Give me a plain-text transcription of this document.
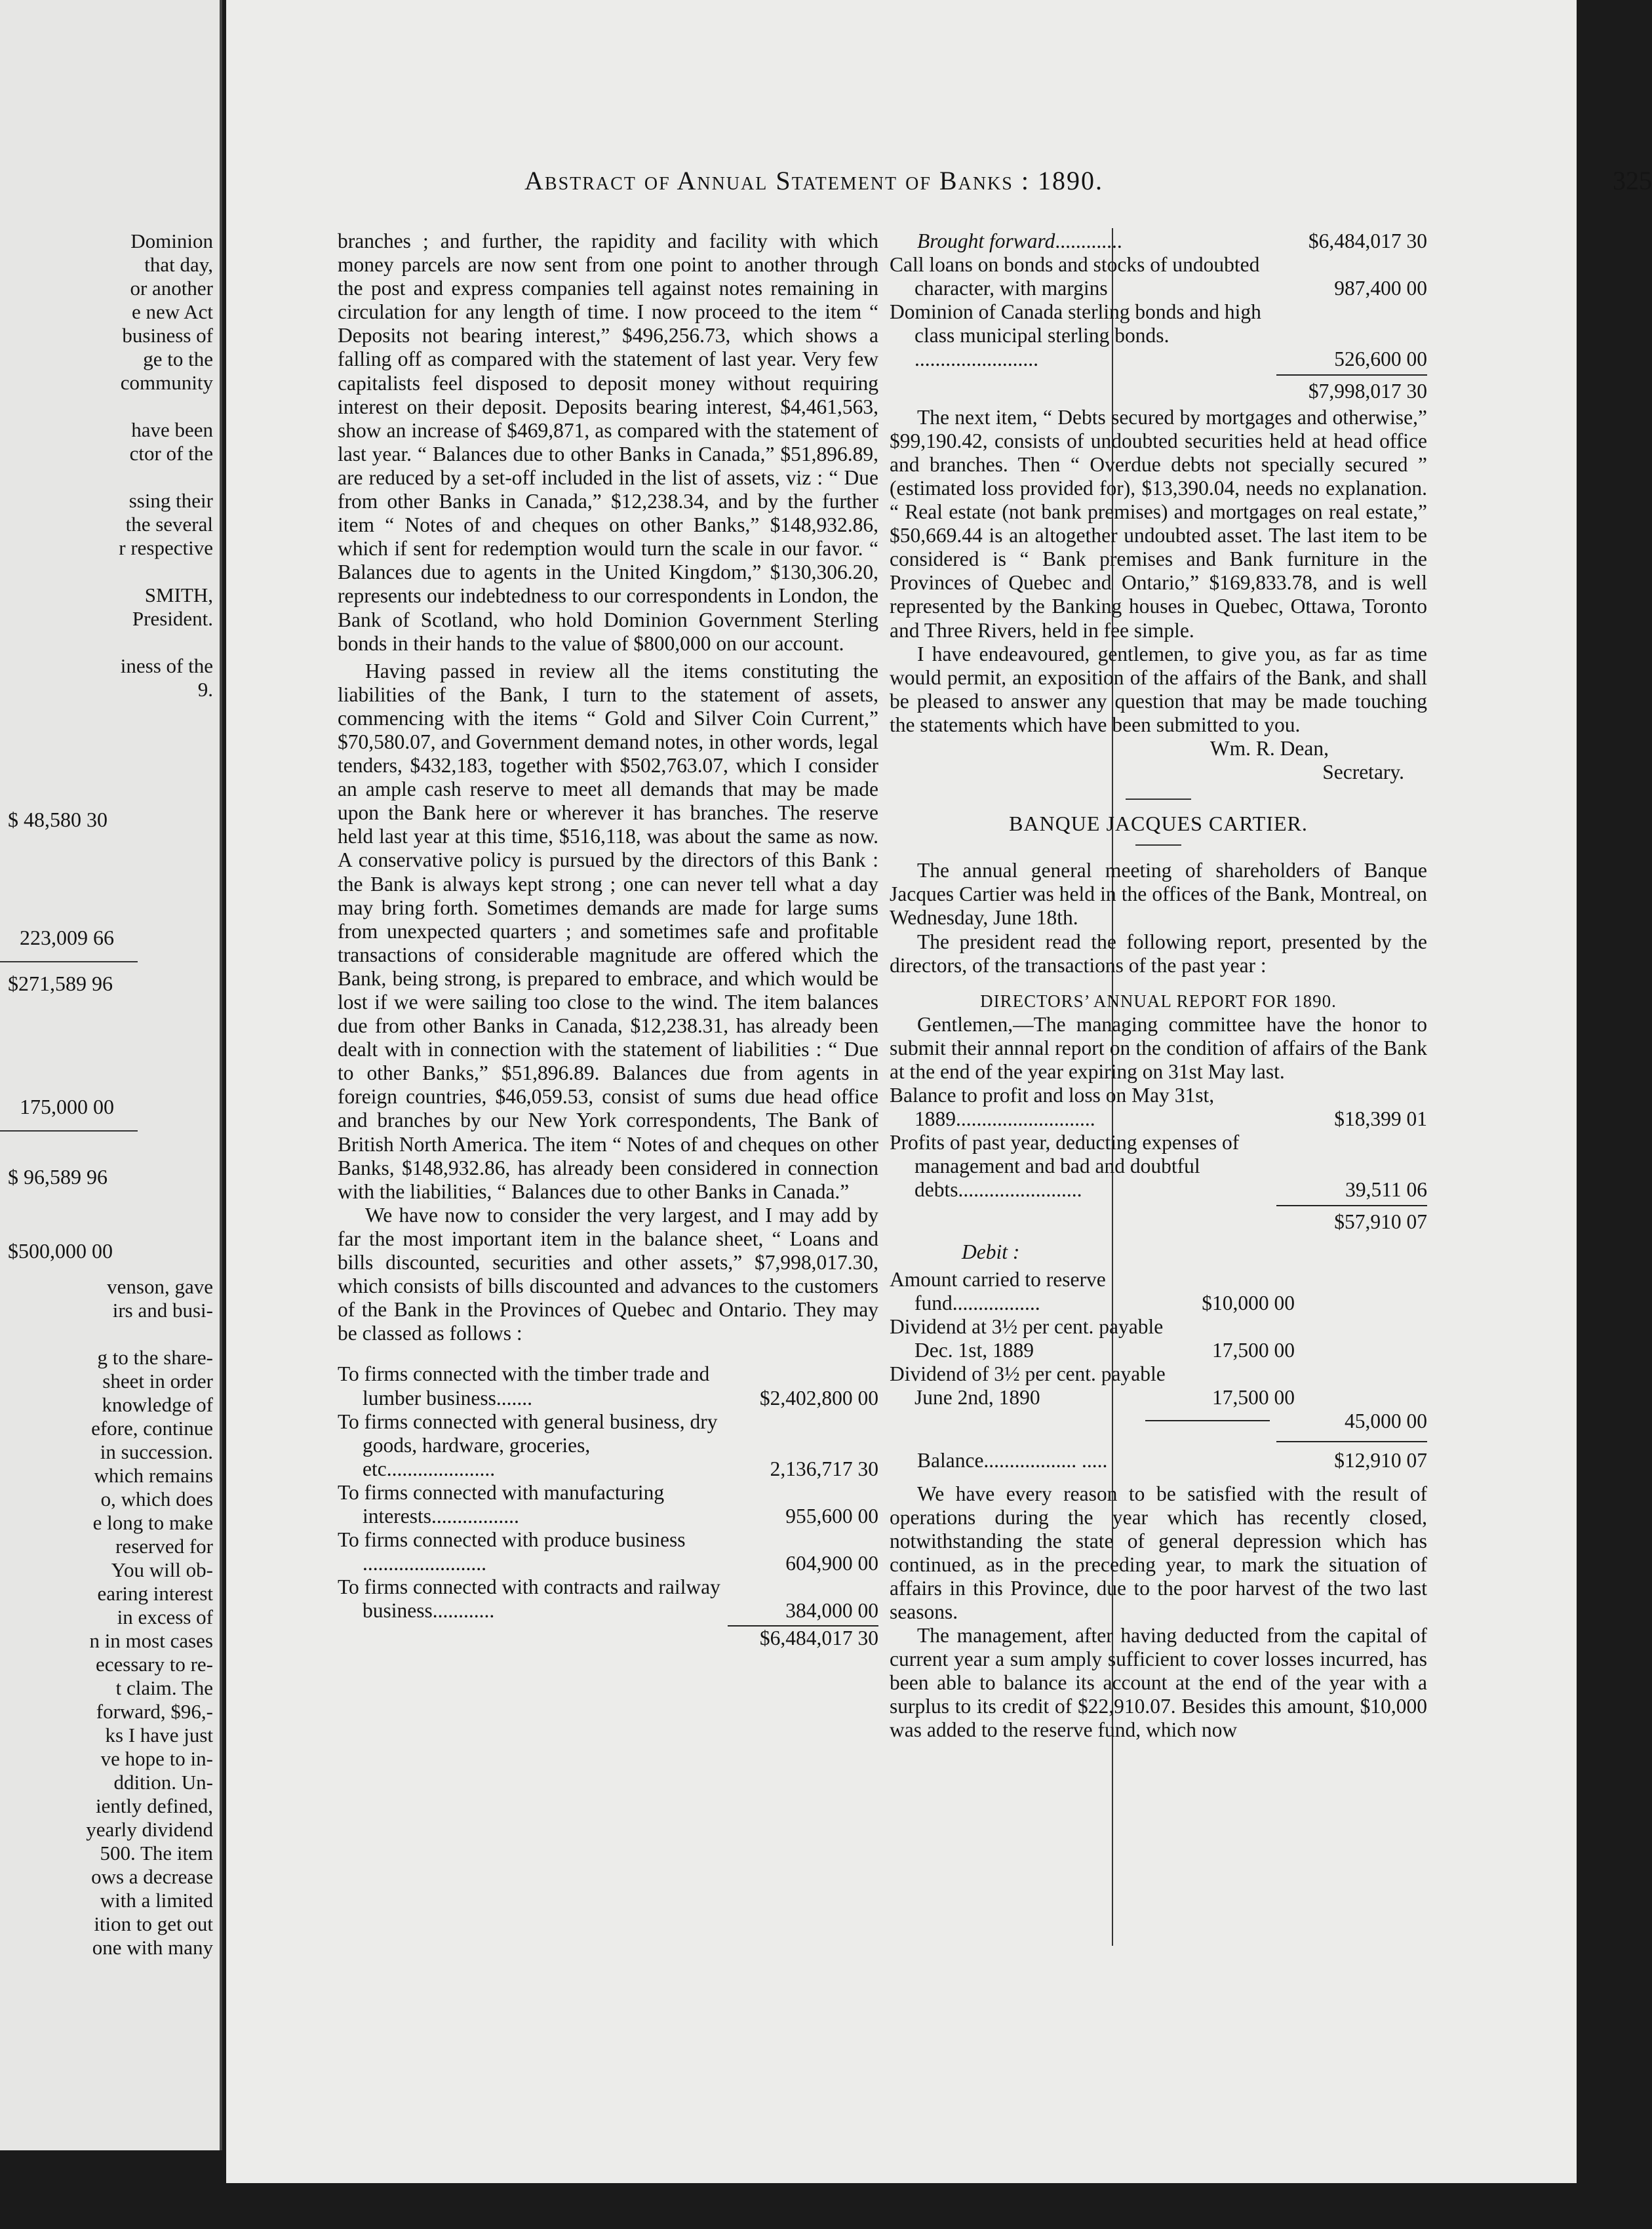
Dominion
that day,
or another
e new Act
business of
ge to the
community
have been
ctor of the
ssing their
the several
r respective
SMITH,
President.
iness of the
9.
$ 48,580 30
223,009 66
$271,589 96
175,000 00
$ 96,589 96
$500,000 00
venson, gave
irs and busi-
g to the share-
sheet in order
knowledge of
efore, continue
in succession.
which remains
o, which does
e long to make
reserved for
You will ob-
earing interest
in excess of
n in most cases
ecessary to re-
t claim. The
forward, $96,-
ks I have just
ve hope to in-
ddition. Un-
iently defined,
yearly dividend
500. The item
ows a decrease
with a limited
ition to get out
one with many
Abstract of Annual Statement of Banks : 1890.	325

branches ; and further, the rapidity and facility with which money parcels are now sent from one point to another through the post and express companies tell against notes remaining in circulation for any length of time. I now proceed to the item “ Deposits not bearing interest,” $496,256.73, which shows a falling off as compared with the statement of last year. Very few capitalists feel disposed to deposit money without requiring interest on their deposit. Deposits bearing interest, $4,461,563, show an increase of $469,871, as compared with the statement of last year. “ Balances due to other Banks in Canada,” $51,896.89, are reduced by a set-off included in the list of assets, viz : “ Due from other Banks in Canada,” $12,238.34, and by the further item “ Notes of and cheques on other Banks,” $148,932.86, which if sent for redemption would turn the scale in our favor. “ Balances due to agents in the United Kingdom,” $130,306.20, represents our indebtedness to our correspondents in London, the Bank of Scotland, who hold Dominion Government Sterling bonds in their hands to the value of $800,000 on our account.

Having passed in review all the items constituting the liabilities of the Bank, I turn to the statement of assets, commencing with the items “ Gold and Silver Coin Current,” $70,580.07, and Government demand notes, in other words, legal tenders, $432,183, together with $502,763.07, which I consider an ample cash reserve to meet all demands that may be made upon the Bank here or wherever it has branches. The reserve held last year at this time, $516,118, was about the same as now. A conservative policy is pursued by the directors of this Bank : the Bank is always kept strong ; one can never tell what a day may bring forth. Sometimes demands are made for large sums from unexpected quarters ; and sometimes safe and profitable transactions of considerable magnitude are offered which the Bank, being strong, is prepared to embrace, and which would be lost if we were sailing too close to the wind. The item balances due from other Banks in Canada, $12,238.31, has already been dealt with in connection with the statement of liabilities : “ Due to other Banks,” $51,896.89. Balances due from agents in foreign countries, $46,059.53, consist of sums due head office and branches by our New York correspondents, The Bank of British North America. The item “ Notes of and cheques on other Banks, $148,932.86, has already been considered in connection with the liabilities, “ Balances due to other Banks in Canada.”

We have now to consider the very largest, and I may add by far the most important item in the balance sheet, “ Loans and bills discounted, securities and other assets,” $7,998,017.30, which consists of bills discounted and advances to the customers of the Bank in the Provinces of Quebec and Ontario. They may be classed as follows :

To firms connected with the timber trade and lumber business.......	$2,402,800 00
To firms connected with general business, dry goods, hardware, groceries, etc.....................	2,136,717 30
To firms connected with manufacturing interests.................	955,600 00
To firms connected with produce business ........................	604,900 00
To firms connected with contracts and railway business............	384,000 00
$6,484,017 30
Brought forward.............	$6,484,017 30
Call loans on bonds and stocks of undoubted character, with margins	987,400 00
Dominion of Canada sterling bonds and high class municipal sterling bonds. ........................	526,600 00
$7,998,017 30

The next item, “ Debts secured by mortgages and otherwise,” $99,190.42, consists of undoubted securities held at head office and branches. Then “ Overdue debts not specially secured ” (estimated loss provided for), $13,390.04, needs no explanation. “ Real estate (not bank premises) and mortgages on real estate,” $50,669.44 is an altogether undoubted asset. The last item to be considered is “ Bank premises and Bank furniture in the Provinces of Quebec and Ontario,” $169,833.78, and is well represented by the Banking houses in Quebec, Ottawa, Toronto and Three Rivers, held in fee simple.

I have endeavoured, gentlemen, to give you, as far as time would permit, an exposition of the affairs of the Bank, and shall be pleased to answer any question that may be made touching the statements which have been submitted to you.

Wm. R. Dean,
Secretary.
BANQUE JACQUES CARTIER.

The annual general meeting of shareholders of Banque Jacques Cartier was held in the offices of the Bank, Montreal, on Wednesday, June 18th.

The president read the following report, presented by the directors, of the transactions of the past year :

DIRECTORS’ ANNUAL REPORT FOR 1890.

Gentlemen,—The managing committee have the honor to submit their annnal report on the condition of affairs of the Bank at the end of the year expiring on 31st May last.

Balance to profit and loss on May 31st, 1889...........................	$18,399 01
Profits of past year, deducting expenses of management and bad and doubtful debts........................	39,511 06
$57,910 07
Debit :
Amount carried to reserve fund.................	$10,000 00
Dividend at 3½ per cent. payable Dec. 1st, 1889	17,500 00
Dividend of 3½ per cent. payable June 2nd, 1890	17,500 00
45,000 00
Balance.................. .....	$12,910 07

We have every reason to be satisfied with the result of operations during the year which has recently closed, notwithstanding the state of general depression which has continued, as in the preceding year, to mark the situation of affairs in this Province, due to the poor harvest of the two last seasons.

The management, after having deducted from the capital of current year a sum amply sufficient to cover losses incurred, has been able to balance its account at the end of the year with a surplus to its credit of $22,910.07. Besides this amount, $10,000 was added to the reserve fund, which now
